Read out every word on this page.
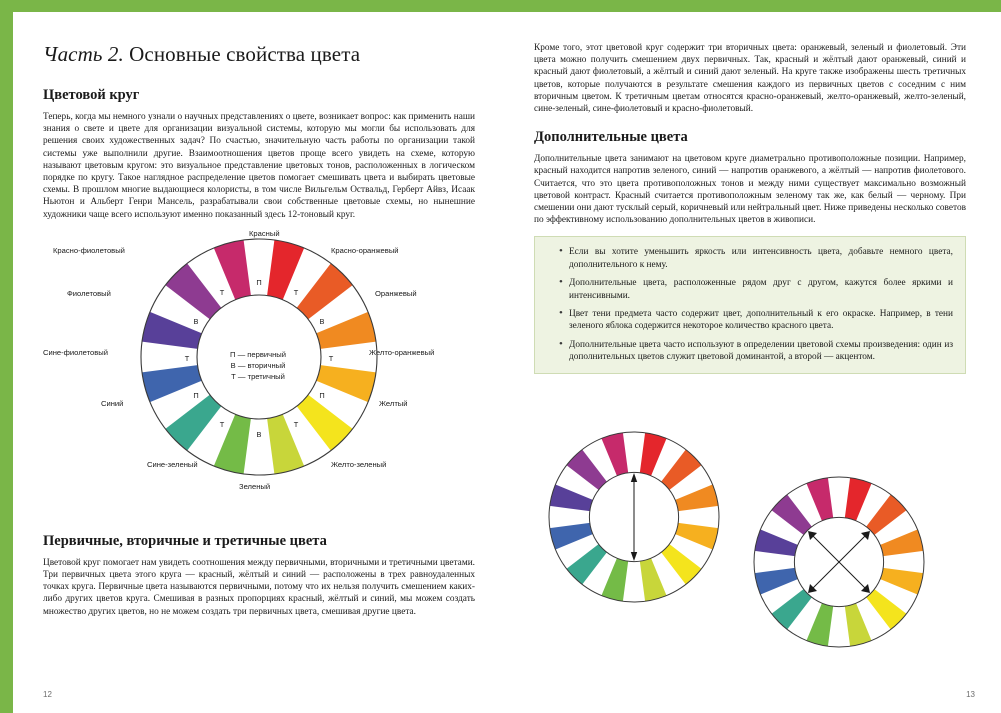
Часть 2. Основные свойства цвета
Цветовой круг

Теперь, когда мы немного узнали о научных представлениях о цвете, возникает вопрос: как применить наши знания о свете и цвете для организации визуальной системы, которую мы могли бы использовать для решения своих художественных задач? По счастью, значительную часть работы по организации такой системы уже выполнили другие. Взаимоотношения цветов проще всего увидеть на схеме, которую называют цветовым кругом: это визуальное представление цветовых тонов, расположенных в логическом порядке по кругу. Такое наглядное распределение цветов помогает смешивать цвета и выбирать цветовые схемы. В прошлом многие выдающиеся колористы, в том числе Вильгельм Оствальд, Герберт Айвз, Исаак Ньютон и Альберт Генри Мансель, разрабатывали свои собственные цветовые схемы, но нынешние художники чаще всего используют именно показанный здесь 12-тоновый круг.

Красный
Красно-оранжевый
Оранжевый
Желто-оранжевый
Желтый
Желто-зеленый
Зеленый
Сине-зеленый
Синий
Сине-фиолетовый
Фиолетовый
Красно-фиолетовый
П
Т
В
Т
П
Т
В
Т
П
Т
В
Т
П — первичный
В — вторичный
Т — третичный
Первичные, вторичные и третичные цвета

Цветовой круг помогает нам увидеть соотношения между первичными, вторичными и третичными цветами. Три первичных цвета этого круга — красный, жёлтый и синий — расположены в трех равноудаленных точках круга. Первичные цвета называются первичными, потому что их нельзя получить смешением каких-либо других цветов круга. Смешивая в разных пропорциях красный, жёлтый и синий, мы можем создать множество других цветов, но не можем создать три первичных цвета, смешивая другие цвета.

Кроме того, этот цветовой круг содержит три вторичных цвета: оранжевый, зеленый и фиолетовый. Эти цвета можно получить смешением двух первичных. Так, красный и жёлтый дают оранжевый, синий и красный дают фиолетовый, а жёлтый и синий дают зеленый. На круге также изображены шесть третичных цветов, которые получаются в результате смешения каждого из первичных цветов с соседним с ним вторичным цветом. К третичным цветам относятся красно-оранжевый, желто-оранжевый, желто-зеленый, сине-зеленый, сине-фиолетовый и красно-фиолетовый.

Дополнительные цвета

Дополнительные цвета занимают на цветовом круге диаметрально противоположные позиции. Например, красный находится напротив зеленого, синий — напротив оранжевого, а жёлтый — напротив фиолетового. Считается, что это цвета противоположных тонов и между ними существует максимально возможный цветовой контраст. Красный считается противоположным зеленому так же, как белый — черному. При смешении они дают тусклый серый, коричневый или нейтральный цвет. Ниже приведены несколько советов по эффективному использованию дополнительных цветов в живописи.

• Если вы хотите уменьшить яркость или интенсивность цвета, добавьте немного цвета, дополнительного к нему.
• Дополнительные цвета, расположенные рядом друг с другом, кажутся более яркими и интенсивными.
• Цвет тени предмета часто содержит цвет, дополнительный к его окраске. Например, в тени зеленого яблока содержится некоторое количество красного цвета.
• Дополнительные цвета часто используют в определении цветовой схемы произведения: один из дополнительных цветов служит цветовой доминантой, а второй — акцентом.
12	13
